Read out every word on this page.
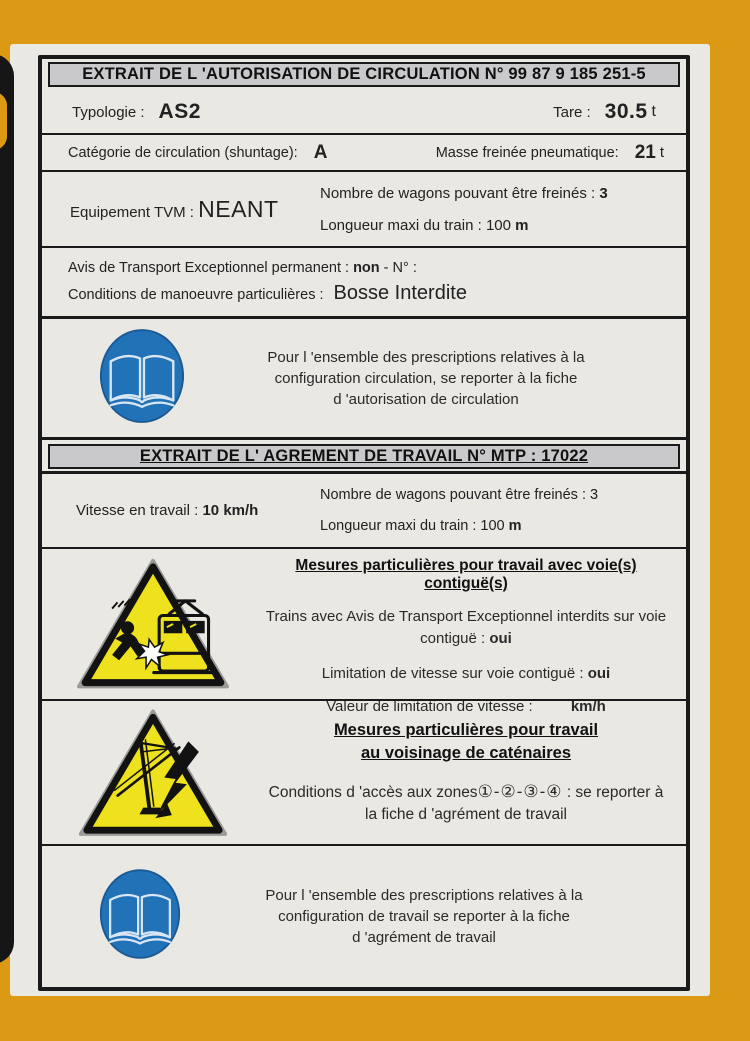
EXTRAIT DE L 'AUTORISATION DE CIRCULATION N° 99 87 9 185 251-5
Typologie : AS2	Tare : 30.5 t
Catégorie de circulation (shuntage): A	Masse freinée pneumatique: 21 t
Equipement TVM : NEANT
Nombre de wagons pouvant être freinés : 3
Longueur maxi du train : 100 m
Avis de Transport Exceptionnel permanent : non - N° :
Conditions de manoeuvre particulières : Bosse Interdite
Pour l 'ensemble des prescriptions relatives à la
configuration circulation, se reporter à la fiche
d 'autorisation de circulation
EXTRAIT DE L' AGREMENT DE TRAVAIL N° MTP : 17022
Vitesse en travail : 10 km/h
Nombre de wagons pouvant être freinés : 3
Longueur maxi du train : 100 m
Mesures particulières pour travail avec voie(s) contiguë(s)
Trains avec Avis de Transport Exceptionnel interdits sur voie contiguë : oui
Limitation de vitesse sur voie contiguë : oui
Valeur de limitation de vitesse :	km/h
Mesures particulières pour travail
au voisinage de caténaires
Conditions d 'accès aux zones①-②-③-④ : se reporter à la fiche d 'agrément de travail
Pour l 'ensemble des prescriptions relatives à la
configuration de travail se reporter à la fiche
d 'agrément de travail
